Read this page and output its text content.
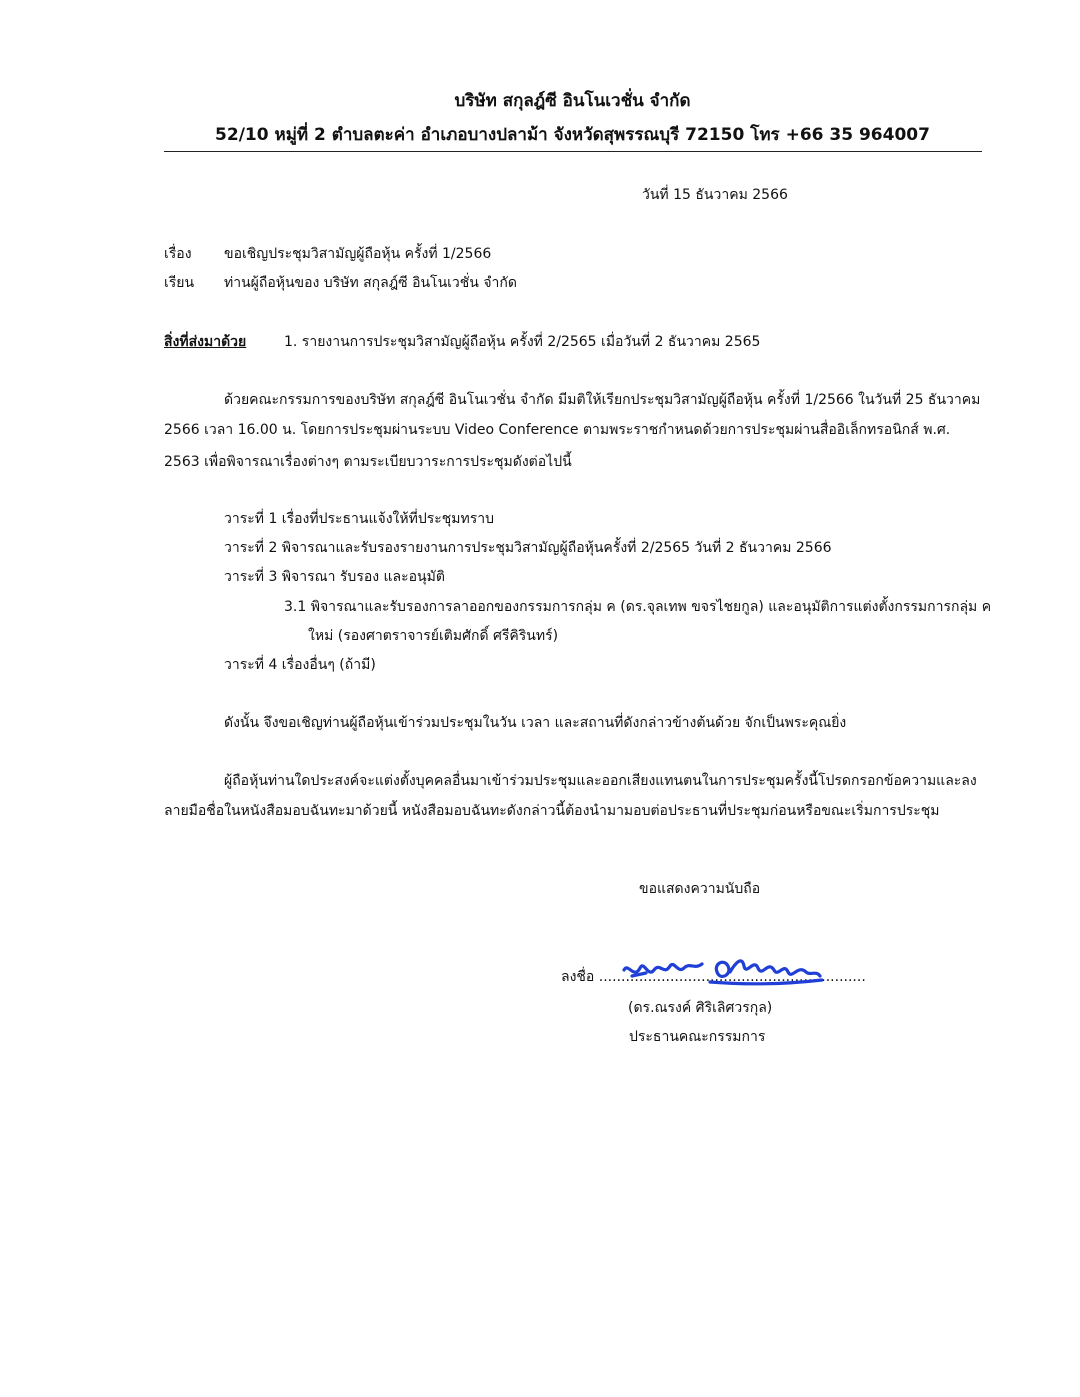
บริษัท สกุลฎ์ซี อินโนเวชั่น จำกัด
52/10 หมู่ที่ 2 ตำบลตะค่า อำเภอบางปลาม้า จังหวัดสุพรรณบุรี 72150 โทร +66 35 964007
วันที่ 15 ธันวาคม 2566
เรื่อง ขอเชิญประชุมวิสามัญผู้ถือหุ้น ครั้งที่ 1/2566
เรียน ท่านผู้ถือหุ้นของ บริษัท สกุลฎ์ซี อินโนเวชั่น จำกัด
สิ่งที่ส่งมาด้วย	1. รายงานการประชุมวิสามัญผู้ถือหุ้น ครั้งที่ 2/2565 เมื่อวันที่ 2 ธันวาคม 2565
ด้วยคณะกรรมการของบริษัท สกุลฎ์ซี อินโนเวชั่น จำกัด มีมติให้เรียกประชุมวิสามัญผู้ถือหุ้น ครั้งที่ 1/2566 ในวันที่ 25 ธันวาคม
2566 เวลา 16.00 น. โดยการประชุมผ่านระบบ Video Conference ตามพระราชกำหนดด้วยการประชุมผ่านสื่ออิเล็กทรอนิกส์ พ.ศ.
2563 เพื่อพิจารณาเรื่องต่างๆ ตามระเบียบวาระการประชุมดังต่อไปนี้
วาระที่ 1 เรื่องที่ประธานแจ้งให้ที่ประชุมทราบ
วาระที่ 2 พิจารณาและรับรองรายงานการประชุมวิสามัญผู้ถือหุ้นครั้งที่ 2/2565 วันที่ 2 ธันวาคม 2566
วาระที่ 3 พิจารณา รับรอง และอนุมัติ
3.1 พิจารณาและรับรองการลาออกของกรรมการกลุ่ม ค (ดร.จุลเทพ ขจรไชยกูล) และอนุมัติการแต่งตั้งกรรมการกลุ่ม ค
ใหม่ (รองศาตราจารย์เติมศักดิ์ ศรีคิรินทร์)
วาระที่ 4 เรื่องอื่นๆ (ถ้ามี)
ดังนั้น จึงขอเชิญท่านผู้ถือหุ้นเข้าร่วมประชุมในวัน เวลา และสถานที่ดังกล่าวข้างต้นด้วย จักเป็นพระคุณยิ่ง
ผู้ถือหุ้นท่านใดประสงค์จะแต่งตั้งบุคคลอื่นมาเข้าร่วมประชุมและออกเสียงแทนตนในการประชุมครั้งนี้โปรดกรอกข้อความและลง
ลายมือชื่อในหนังสือมอบฉันทะมาด้วยนี้ หนังสือมอบฉันทะดังกล่าวนี้ต้องนำมามอบต่อประธานที่ประชุมก่อนหรือขณะเริ่มการประชุม
ขอแสดงความนับถือ
ลงชื่อ ............................................................
(ดร.ณรงค์ ศิริเลิศวรกุล)
ประธานคณะกรรมการ
